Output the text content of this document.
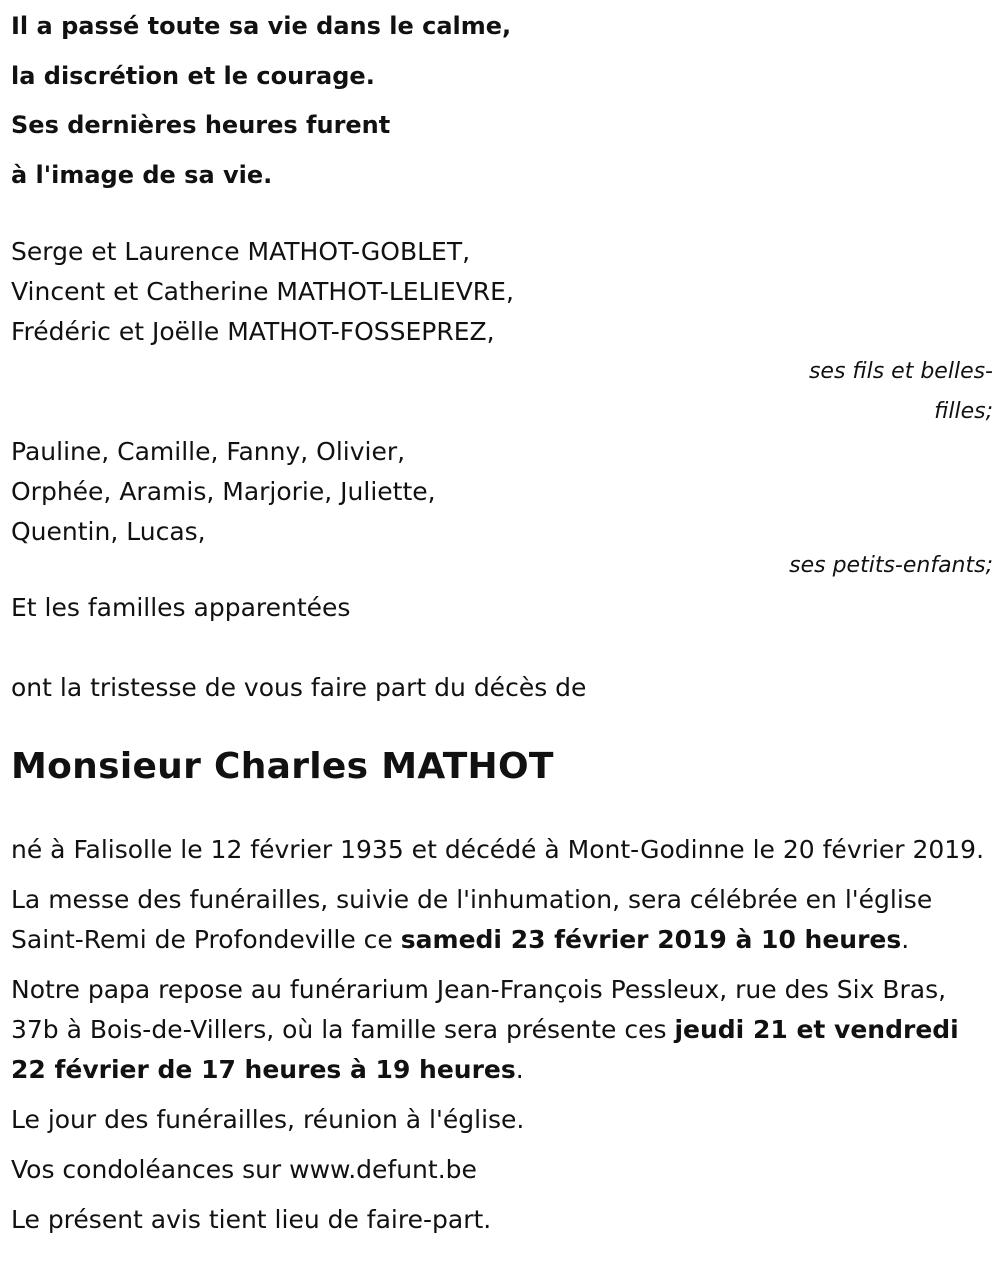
Il a passé toute sa vie dans le calme,
la discrétion et le courage.
Ses dernières heures furent
à l'image de sa vie.
Serge et Laurence MATHOT-GOBLET,
Vincent et Catherine MATHOT-LELIEVRE,
Frédéric et Joëlle MATHOT-FOSSEPREZ,
ses fils et belles-filles;
Pauline, Camille, Fanny, Olivier,
Orphée, Aramis, Marjorie, Juliette,
Quentin, Lucas,
ses petits-enfants;
Et les familles apparentées
ont la tristesse de vous faire part du décès de
Monsieur Charles MATHOT
né à Falisolle le 12 février 1935 et décédé à Mont-Godinne le 20 février 2019.
La messe des funérailles, suivie de l'inhumation, sera célébrée en l'église Saint-Remi de Profondeville ce samedi 23 février 2019 à 10 heures.
Notre papa repose au funérarium Jean-François Pessleux, rue des Six Bras, 37b à Bois-de-Villers, où la famille sera présente ces jeudi 21 et vendredi 22 février de 17 heures à 19 heures.
Le jour des funérailles, réunion à l'église.
Vos condoléances sur www.defunt.be
Le présent avis tient lieu de faire-part.
